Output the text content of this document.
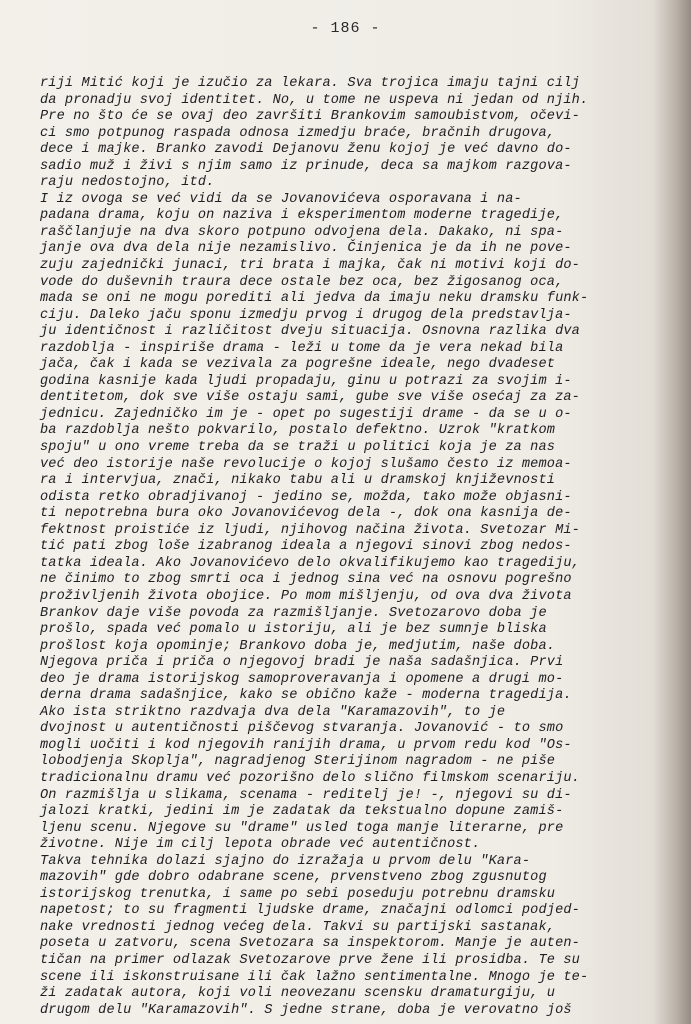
- 186 -
riji Mitić koji je izučio za lekara. Sva trojica imaju tajni cilj
da pronadju svoj identitet. No, u tome ne uspeva ni jedan od njih.
Pre no što će se ovaj deo završiti Brankovim samoubistvom, očevi-
ci smo potpunog raspada odnosa izmedju braće, bračnih drugova,
dece i majke. Branko zavodi Dejanovu ženu kojoj je već davno do-
sadio muž i živi s njim samo iz prinude, deca sa majkom razgova-
raju nedostojno, itd.
I iz ovoga se već vidi da se Jovanovićeva osporavana i na-
padana drama, koju on naziva i eksperimentom moderne tragedije,
raščlanjuje na dva skoro potpuno odvojena dela. Dakako, ni spa-
janje ova dva dela nije nezamislivo. Činjenica je da ih ne pove-
zuju zajednički junaci, tri brata i majka, čak ni motivi koji do-
vode do duševnih traura dece ostale bez oca, bez žigosanog oca,
mada se oni ne mogu porediti ali jedva da imaju neku dramsku funk-
ciju. Daleko jaču sponu izmedju prvog i drugog dela predstavlja-
ju identičnost i različitost dveju situacija. Osnovna razlika dva
razdoblja - inspiriše drama - leži u tome da je vera nekad bila
jača, čak i kada se vezivala za pogrešne ideale, nego dvadeset
godina kasnije kada ljudi propadaju, ginu u potrazi za svojim i-
dentitetom, dok sve više ostaju sami, gube sve više osećaj za za-
jednicu. Zajedničko im je - opet po sugestiji drame - da se u o-
ba razdoblja nešto pokvarilo, postalo defektno. Uzrok "kratkom
spoju" u ono vreme treba da se traži u politici koja je za nas
već deo istorije naše revolucije o kojoj slušamo često iz memoa-
ra i intervjua, znači, nikako tabu ali u dramskoj književnosti
odista retko obradjivanoj - jedino se, možda, tako može objasni-
ti nepotrebna bura oko Jovanovićevog dela -, dok ona kasnija de-
fektnost proistiće iz ljudi, njihovog načina života. Svetozar Mi-
tić pati zbog loše izabranog ideala a njegovi sinovi zbog nedos-
tatka ideala. Ako Jovanovićevo delo okvalifikujemo kao tragediju,
ne činimo to zbog smrti oca i jednog sina već na osnovu pogrešno
proživljenih života obojice. Po mom mišljenju, od ova dva života
Brankov daje više povoda za razmišljanje. Svetozarovo doba je
prošlo, spada već pomalo u istoriju, ali je bez sumnje bliska
prošlost koja opominje; Brankovo doba je, medjutim, naše doba.
Njegova priča i priča o njegovoj bradi je naša sadašnjica. Prvi
deo je drama istorijskog samoproveravanja i opomene a drugi mo-
derna drama sadašnjice, kako se obično kaže - moderna tragedija.
Ako ista striktno razdvaja dva dela "Karamazovih", to je
dvojnost u autentičnosti piščevog stvaranja. Jovanović - to smo
mogli uočiti i kod njegovih ranijih drama, u prvom redu kod "Os-
lobodjenja Skoplja", nagradjenog Sterijinom nagradom - ne piše
tradicionalnu dramu već pozorišno delo slično filmskom scenariju.
On razmišlja u slikama, scenama - reditelj je! -, njegovi su di-
jalozi kratki, jedini im je zadatak da tekstualno dopune zamiš-
ljenu scenu. Njegove su "drame" usled toga manje literarne, pre
životne. Nije im cilj lepota obrade već autentičnost.
Takva tehnika dolazi sjajno do izražaja u prvom delu "Kara-
mazovih" gde dobro odabrane scene, prvenstveno zbog zgusnutog
istorijskog trenutka, i same po sebi poseduju potrebnu dramsku
napetost; to su fragmenti ljudske drame, značajni odlomci podjed-
nake vrednosti jednog većeg dela. Takvi su partijski sastanak,
poseta u zatvoru, scena Svetozara sa inspektorom. Manje je auten-
tičan na primer odlazak Svetozarove prve žene ili prosidba. Te su
scene ili iskonstruisane ili čak lažno sentimentalne. Mnogo je te-
ži zadatak autora, koji voli neovezanu scensku dramaturgiju, u
drugom delu "Karamazovih". S jedne strane, doba je verovatno još
